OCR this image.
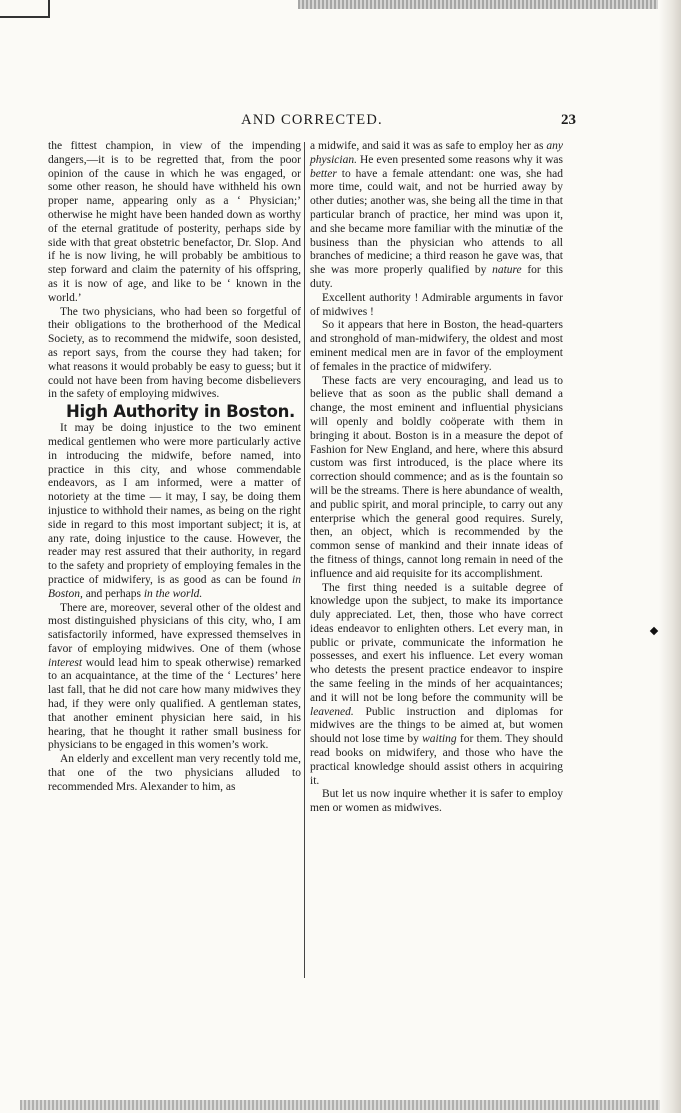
AND CORRECTED.	23

the fittest champion, in view of the impending dangers,—it is to be regretted that, from the poor opinion of the cause in which he was engaged, or some other reason, he should have withheld his own proper name, appearing only as a ‘ Physician;’ otherwise he might have been handed down as worthy of the eternal gratitude of posterity, perhaps side by side with that great obstetric benefactor, Dr. Slop. And if he is now living, he will probably be ambitious to step forward and claim the paternity of his offspring, as it is now of age, and like to be ‘ known in the world.’

The two physicians, who had been so forgetful of their obligations to the brotherhood of the Medical Society, as to recommend the midwife, soon desisted, as report says, from the course they had taken; for what reasons it would probably be easy to guess; but it could not have been from having become disbelievers in the safety of employing midwives.

High Authority in Boston.

It may be doing injustice to the two eminent medical gentlemen who were more particularly active in introducing the midwife, before named, into practice in this city, and whose commendable endeavors, as I am informed, were a matter of notoriety at the time — it may, I say, be doing them injustice to withhold their names, as being on the right side in regard to this most important subject; it is, at any rate, doing injustice to the cause. However, the reader may rest assured that their authority, in regard to the safety and propriety of employing females in the practice of midwifery, is as good as can be found in Boston, and perhaps in the world.

There are, moreover, several other of the oldest and most distinguished physicians of this city, who, I am satisfactorily informed, have expressed themselves in favor of employing midwives. One of them (whose interest would lead him to speak otherwise) remarked to an acquaintance, at the time of the ‘ Lectures’ here last fall, that he did not care how many midwives they had, if they were only qualified. A gentleman states, that another eminent physician here said, in his hearing, that he thought it rather small business for physicians to be engaged in this women’s work.

An elderly and excellent man very recently told me, that one of the two physicians alluded to recommended Mrs. Alexander to him, as

a midwife, and said it was as safe to employ her as any physician. He even presented some reasons why it was better to have a female attendant: one was, she had more time, could wait, and not be hurried away by other duties; another was, she being all the time in that particular branch of practice, her mind was upon it, and she became more familiar with the minutiæ of the business than the physician who attends to all branches of medicine; a third reason he gave was, that she was more properly qualified by nature for this duty.

Excellent authority ! Admirable arguments in favor of midwives !

So it appears that here in Boston, the head-quarters and stronghold of man-midwifery, the oldest and most eminent medical men are in favor of the employment of females in the practice of midwifery.

These facts are very encouraging, and lead us to believe that as soon as the public shall demand a change, the most eminent and influential physicians will openly and boldly coöperate with them in bringing it about. Boston is in a measure the depot of Fashion for New England, and here, where this absurd custom was first introduced, is the place where its correction should commence; and as is the fountain so will be the streams. There is here abundance of wealth, and public spirit, and moral principle, to carry out any enterprise which the general good requires. Surely, then, an object, which is recommended by the common sense of mankind and their innate ideas of the fitness of things, cannot long remain in need of the influence and aid requisite for its accomplishment.

The first thing needed is a suitable degree of knowledge upon the subject, to make its importance duly appreciated. Let, then, those who have correct ideas endeavor to enlighten others. Let every man, in public or private, communicate the information he possesses, and exert his influence. Let every woman who detests the present practice endeavor to inspire the same feeling in the minds of her acquaintances; and it will not be long before the community will be leavened. Public instruction and diplomas for midwives are the things to be aimed at, but women should not lose time by waiting for them. They should read books on midwifery, and those who have the practical knowledge should assist others in acquiring it.

But let us now inquire whether it is safer to employ men or women as midwives.
